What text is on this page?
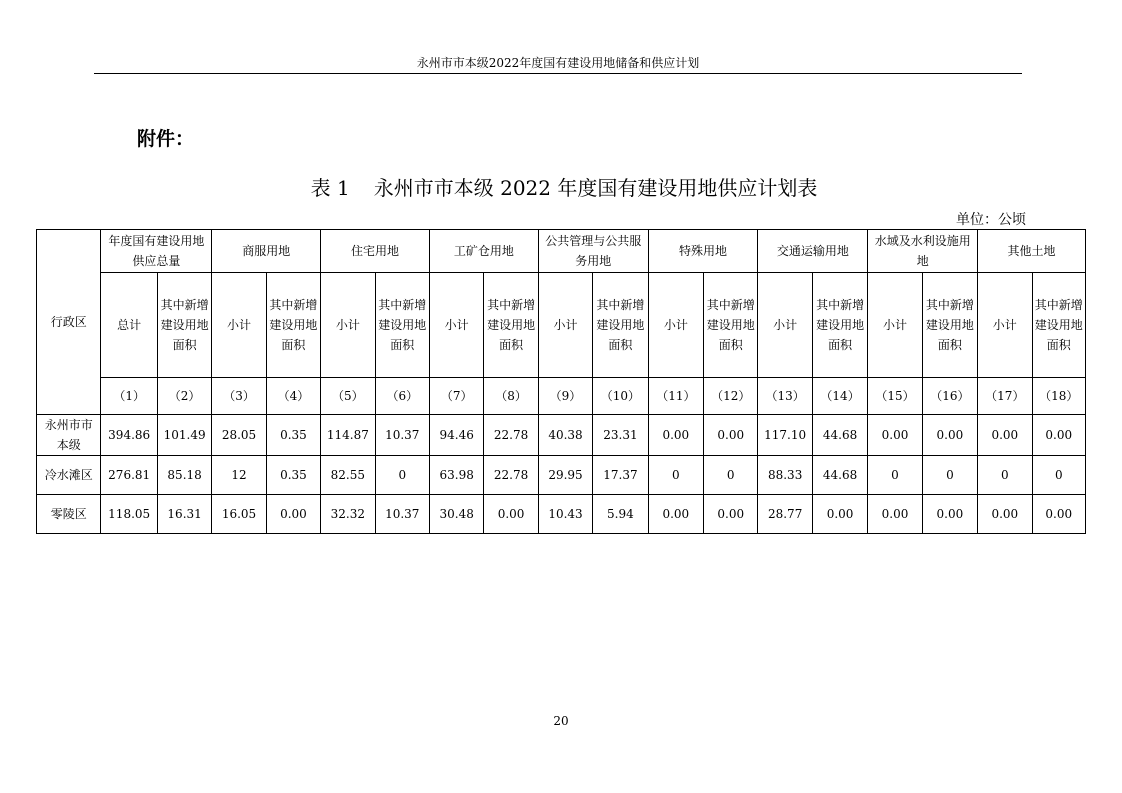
永州市市本级2022年度国有建设用地储备和供应计划
附件：
表 1 永州市市本级 2022 年度国有建设用地供应计划表
单位：公顷
行政区	年度国有建设用地供应总量		商服用地		住宅用地		工矿仓用地		公共管理与公共服务用地		特殊用地		交通运输用地		水域及水利设施用地		其他土地	
	总计	其中新增建设用地面积	小计	其中新增建设用地面积	小计	其中新增建设用地面积	小计	其中新增建设用地面积	小计	其中新增建设用地面积	小计	其中新增建设用地面积	小计	其中新增建设用地面积	小计	其中新增建设用地面积	小计	其中新增建设用地面积
	（1）	（2）	（3）	（4）	（5）	（6）	（7）	（8）	（9）	（10）	（11）	（12）	（13）	（14）	（15）	（16）	（17）	（18）
永州市市本级	394.86	101.49	28.05	0.35	114.87	10.37	94.46	22.78	40.38	23.31	0.00	0.00	117.10	44.68	0.00	0.00	0.00	0.00
冷水滩区	276.81	85.18	12	0.35	82.55	0	63.98	22.78	29.95	17.37	0	0	88.33	44.68	0	0	0	0
零陵区	118.05	16.31	16.05	0.00	32.32	10.37	30.48	0.00	10.43	5.94	0.00	0.00	28.77	0.00	0.00	0.00	0.00	0.00
20
